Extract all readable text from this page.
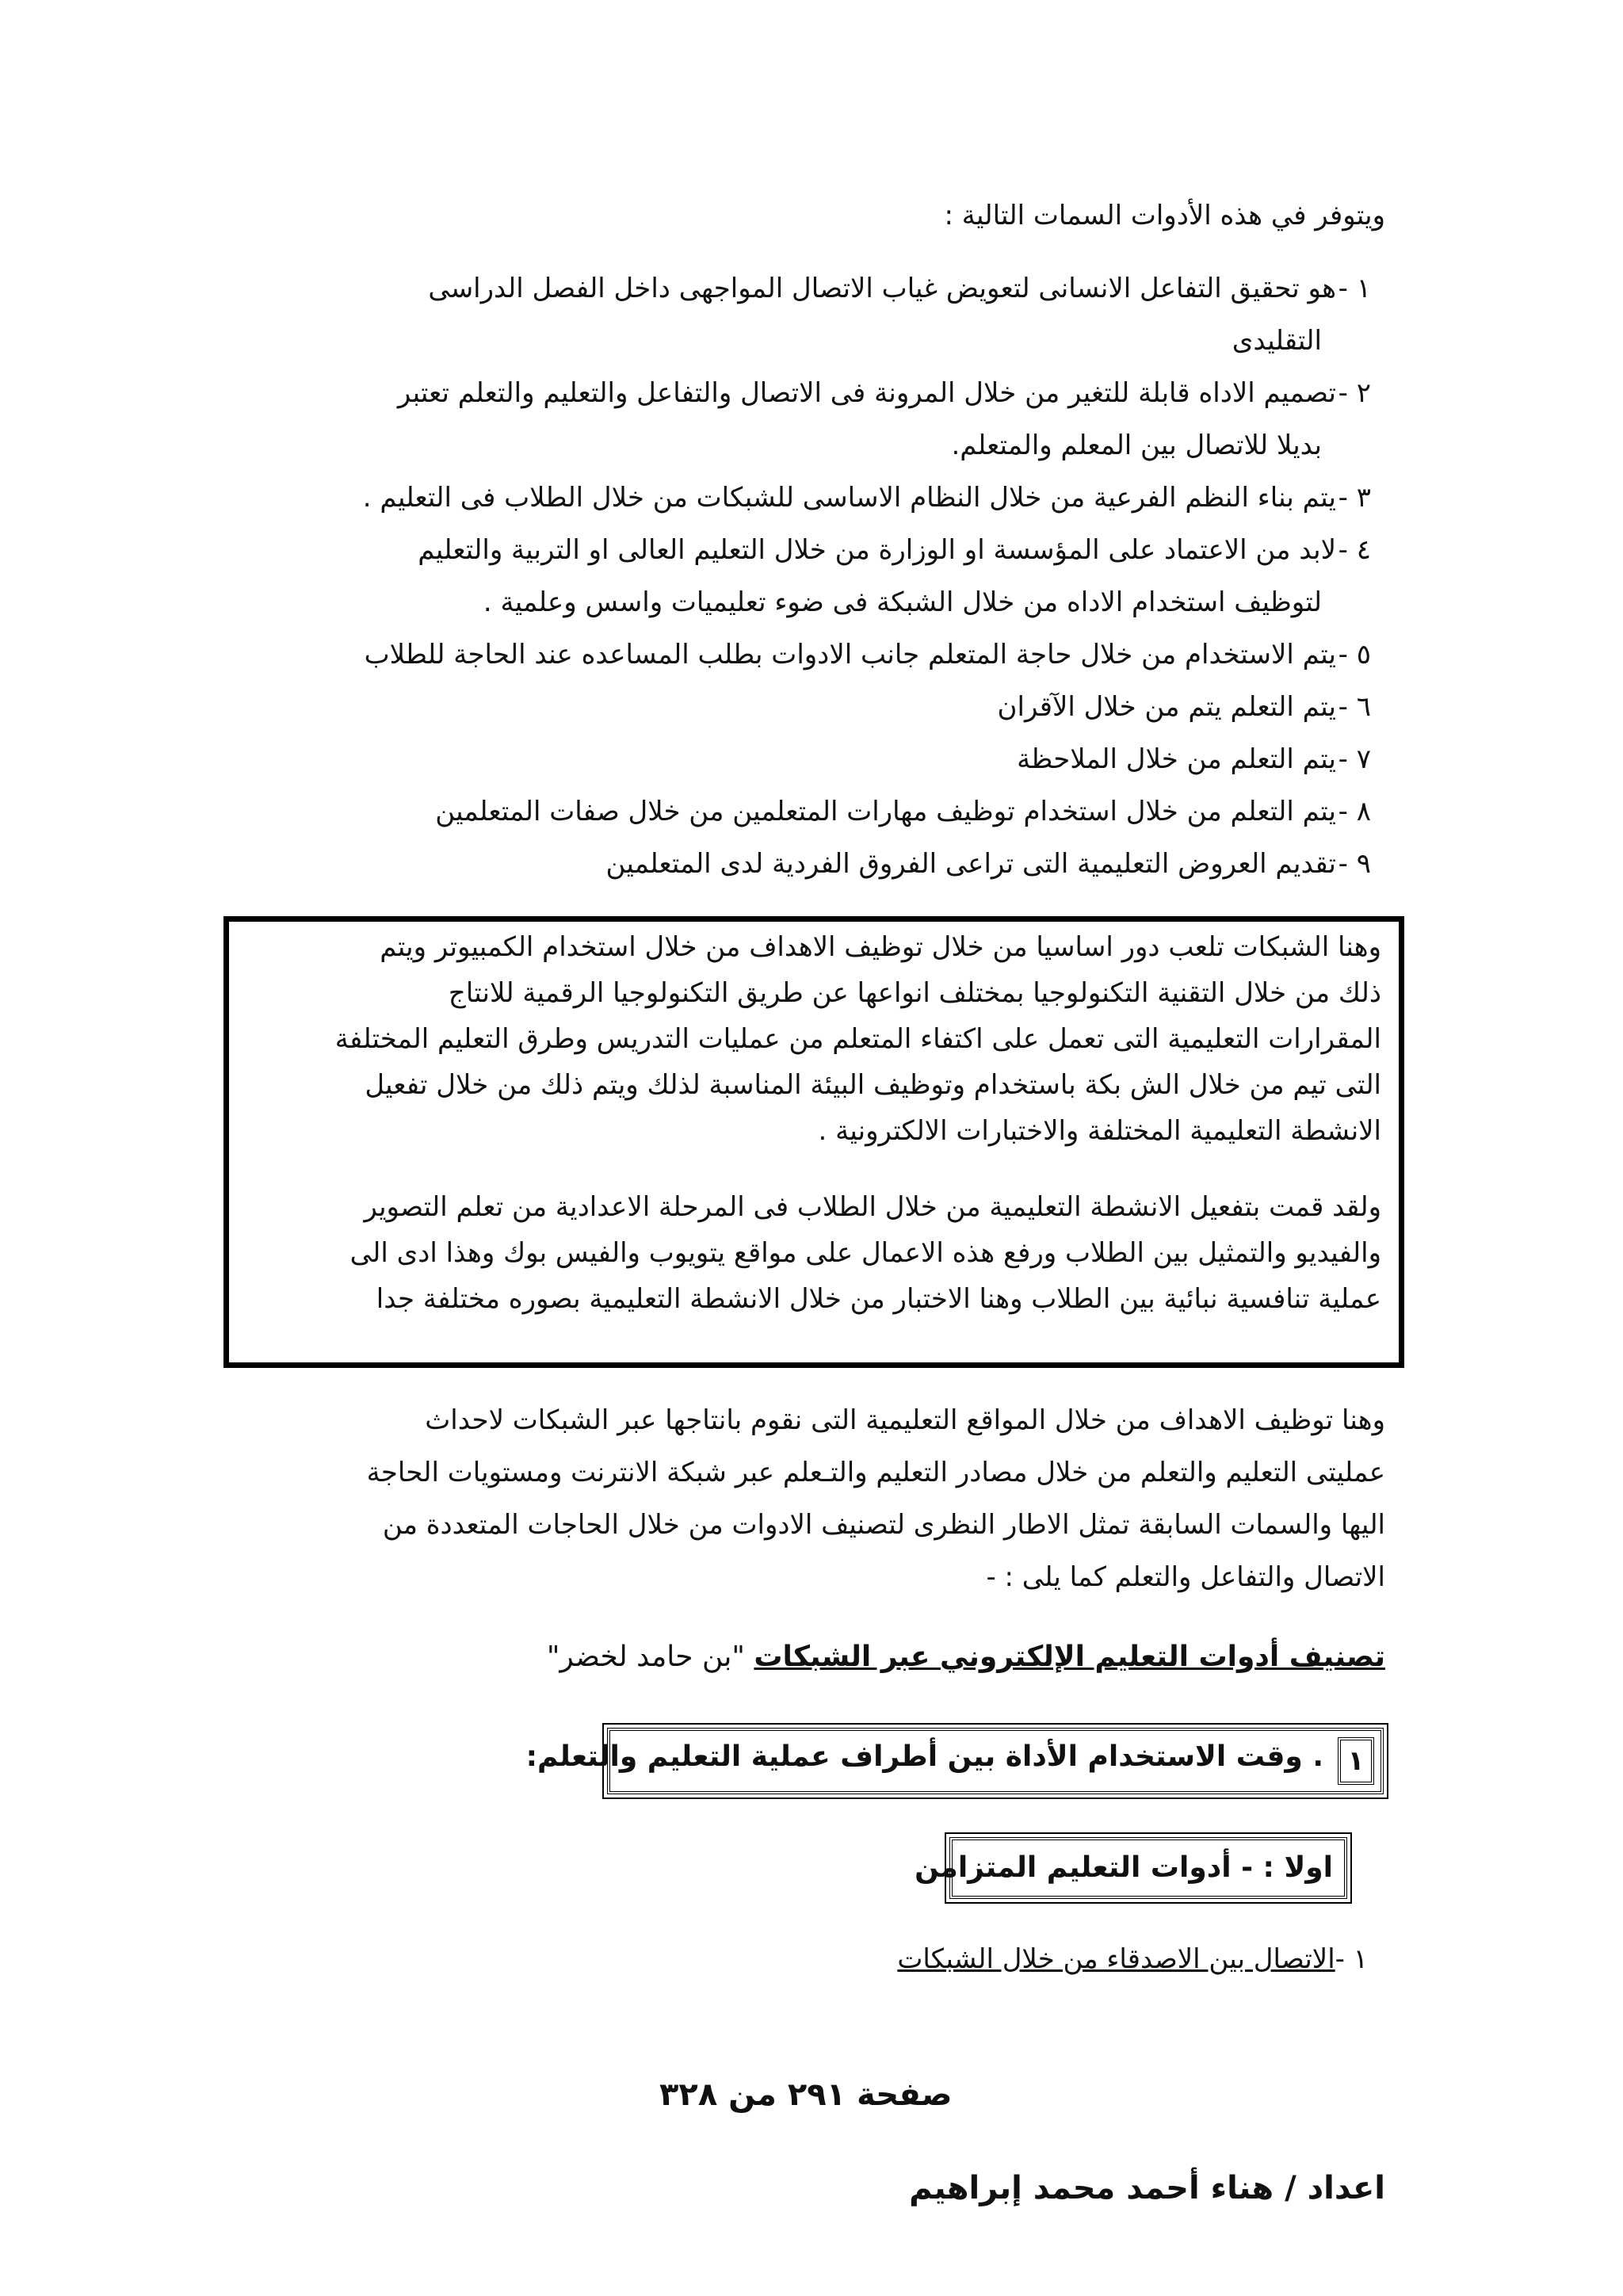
ويتوفر في هذه الأدوات السمات التالية :
١ -هو تحقيق التفاعل الانسانى لتعويض غياب الاتصال المواجهى داخل الفصل الدراسى
التقليدى
٢ -تصميم الاداه قابلة للتغير من خلال المرونة فى الاتصال والتفاعل والتعليم والتعلم تعتبر
بديلا للاتصال بين المعلم والمتعلم.
٣ -يتم بناء النظم الفرعية من خلال النظام الاساسى للشبكات من خلال الطلاب فى التعليم .
٤ -لابد من الاعتماد على المؤسسة او الوزارة من خلال التعليم العالى او التربية والتعليم
لتوظيف استخدام الاداه من خلال الشبكة فى ضوء تعليميات واسس وعلمية .
٥ -يتم الاستخدام من خلال حاجة المتعلم جانب الادوات بطلب المساعده عند الحاجة للطلاب
٦ -يتم التعلم يتم من خلال الآقران
٧ -يتم التعلم من خلال الملاحظة
٨ -يتم التعلم من خلال استخدام توظيف مهارات المتعلمين من خلال صفات المتعلمين
٩ -تقديم العروض التعليمية التى تراعى الفروق الفردية لدى المتعلمين

وهنا الشبكات تلعب دور اساسيا من خلال توظيف الاهداف من خلال استخدام الكمبيوتر ويتم

ذلك من خلال التقنية التكنولوجيا بمختلف انواعها عن طريق التكنولوجيا الرقمية للانتاج

المقرارات التعليمية التى تعمل على اكتفاء المتعلم من عمليات التدريس وطرق التعليم المختلفة

التى تيم من خلال الش بكة باستخدام وتوظيف البيئة المناسبة لذلك ويتم ذلك من خلال تفعيل

الانشطة التعليمية المختلفة والاختبارات الالكترونية .

ولقد قمت بتفعيل الانشطة التعليمية من خلال الطلاب فى المرحلة الاعدادية من تعلم التصوير

والفيديو والتمثيل بين الطلاب ورفع هذه الاعمال على مواقع يتويوب والفيس بوك وهذا ادى الى

عملية تنافسية نبائية بين الطلاب وهنا الاختبار من خلال الانشطة التعليمية بصوره مختلفة جدا

وهنا توظيف الاهداف من خلال المواقع التعليمية التى نقوم بانتاجها عبر الشبكات لاحداث
عمليتى التعليم والتعلم من خلال مصادر التعليم والتـعلم عبر شبكة الانترنت ومستويات الحاجة
اليها والسمات السابقة تمثل الاطار النظرى لتصنيف الادوات من خلال الحاجات المتعددة من
الاتصال والتفاعل والتعلم كما يلى : -
تصنيف أدوات التعليم الإلكتروني عبر الشبكات "بن حامد لخضر"
١
. وقت الاستخدام الأداة بين أطراف عملية التعليم والتعلم:
اولا : - أدوات التعليم المتزامن
١ -الاتصال بين الاصدقاء من خلال الشبكات
صفحة ٢٩١ من ٣٢٨
اعداد / هناء أحمد محمد إبراهيم
